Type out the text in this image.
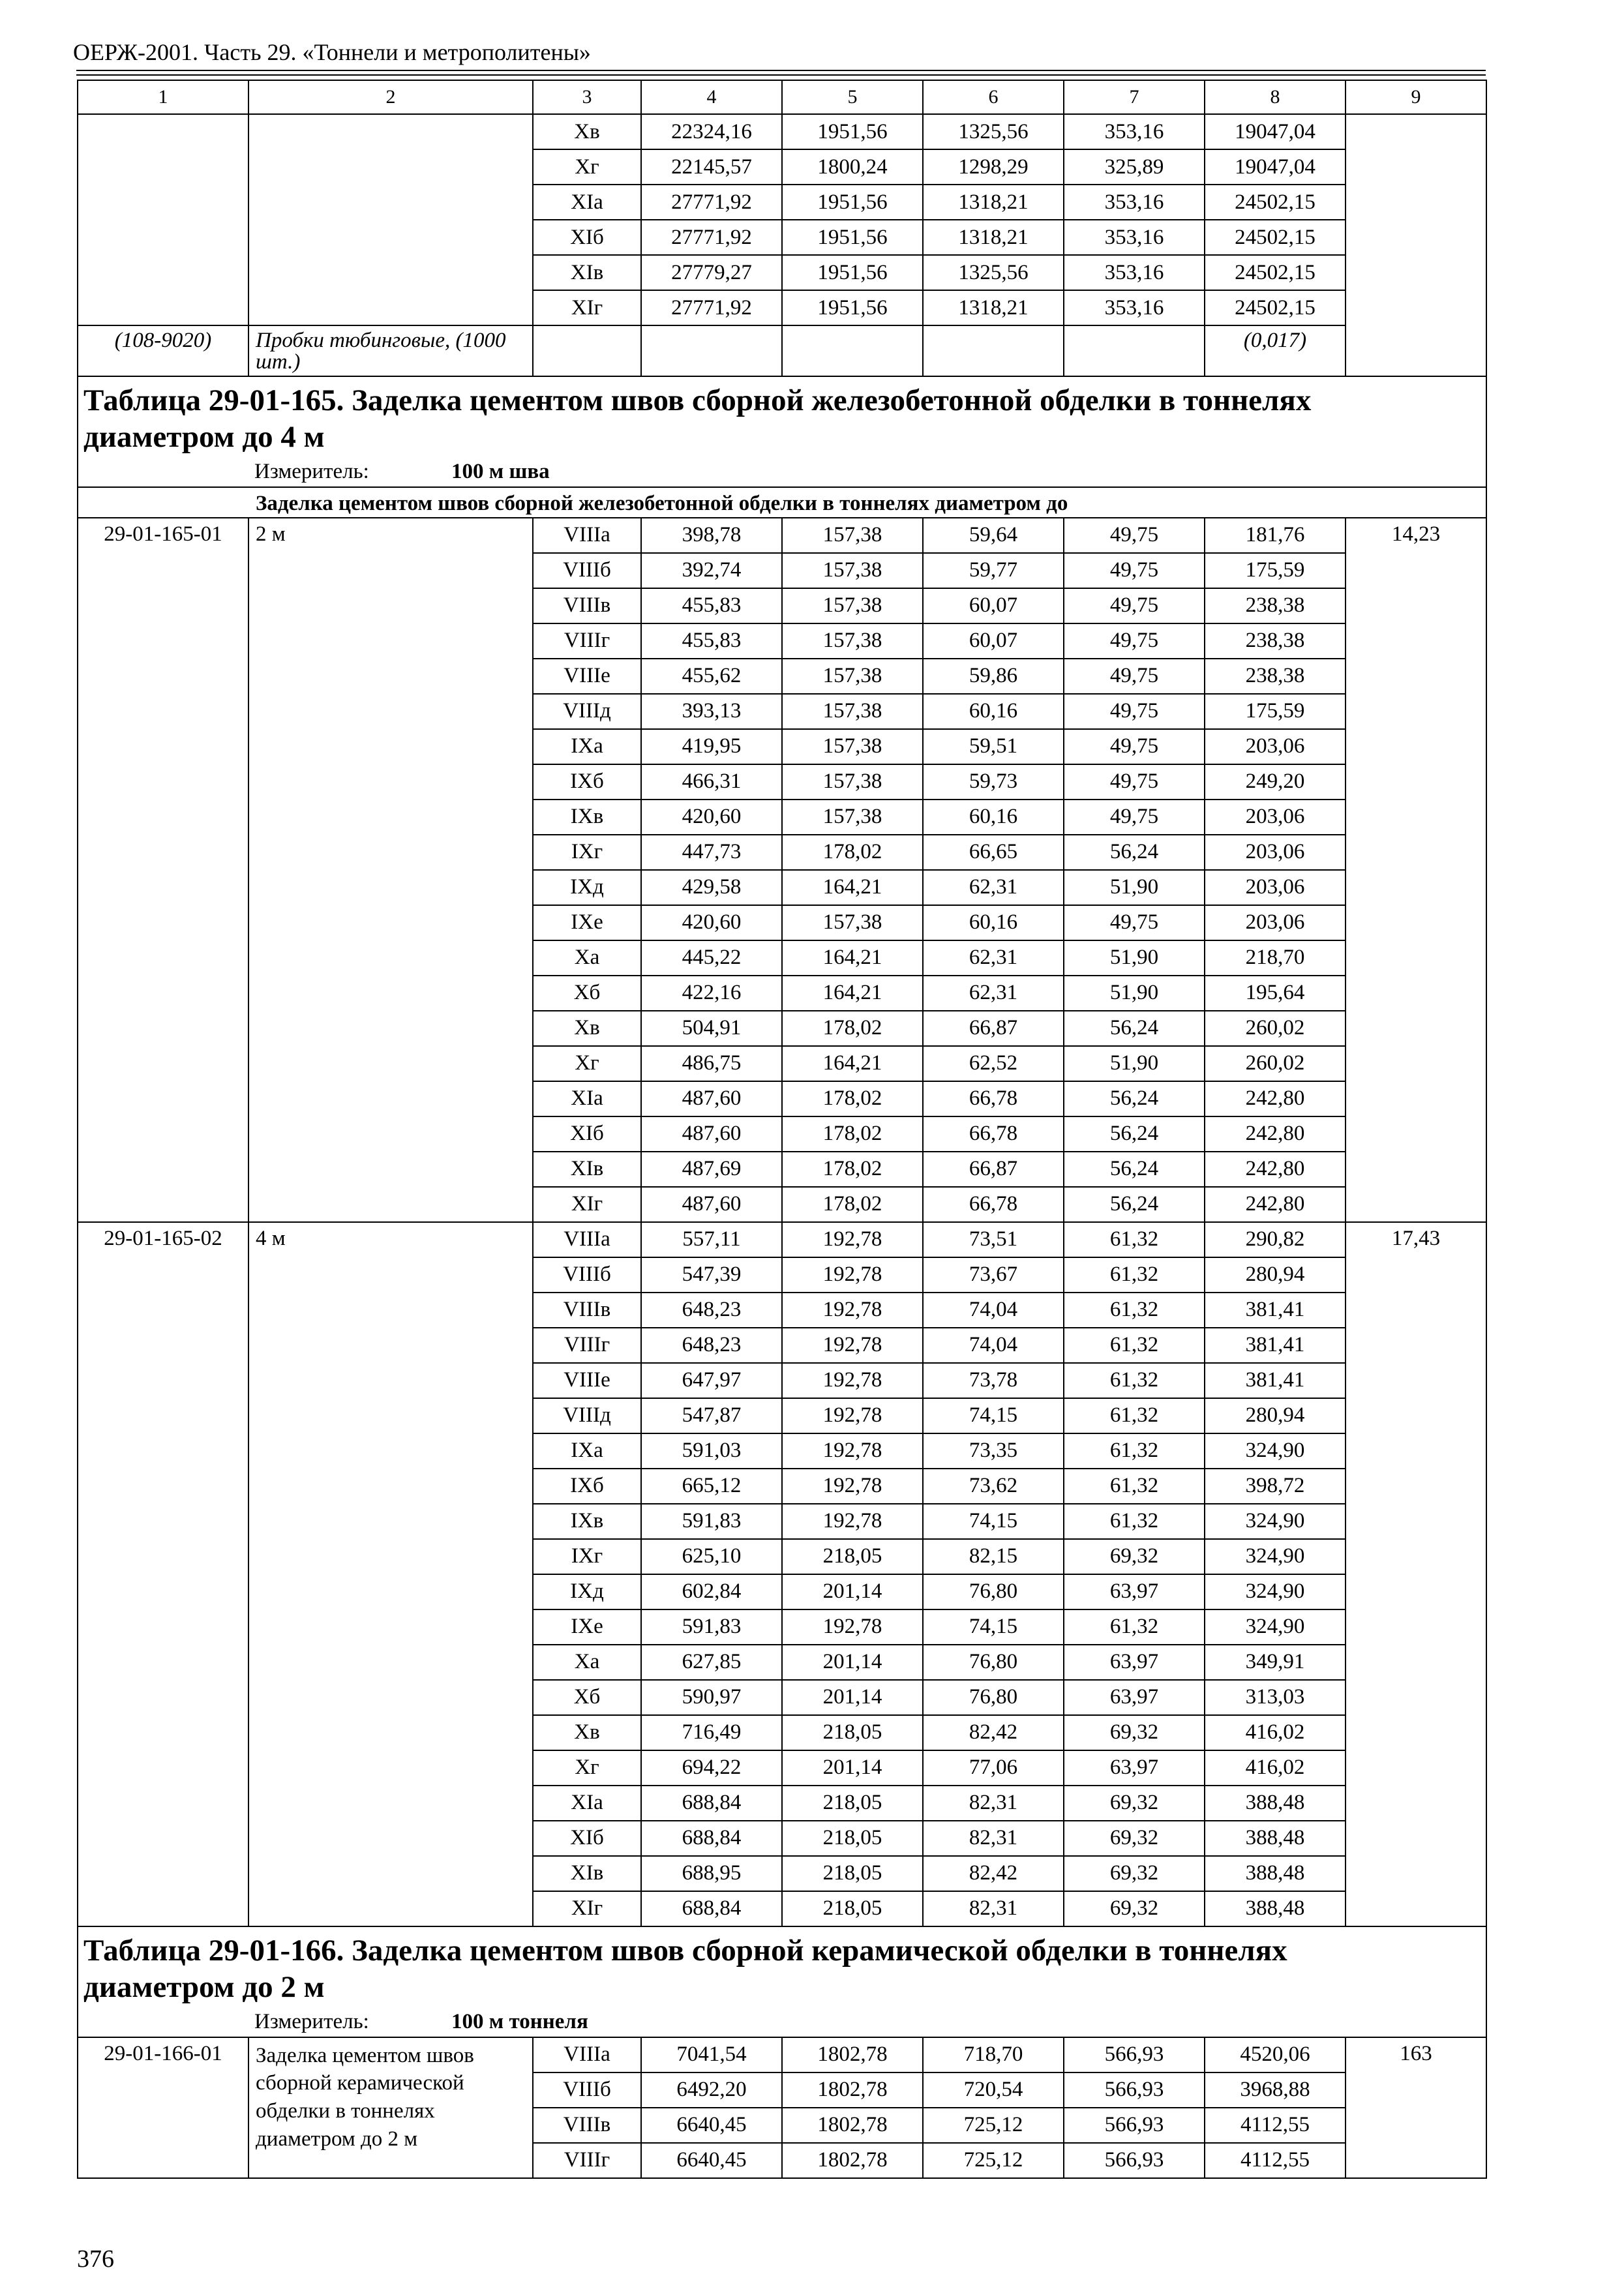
ОЕРЖ-2001. Часть 29. «Тоннели и метрополитены»
1	2	3	4	5	6	7	8	9
		Xв	22324,16	1951,56	1325,56	353,16	19047,04	
		Xг	22145,57	1800,24	1298,29	325,89	19047,04	
		XIа	27771,92	1951,56	1318,21	353,16	24502,15	
		XIб	27771,92	1951,56	1318,21	353,16	24502,15	
		XIв	27779,27	1951,56	1325,56	353,16	24502,15	
		XIг	27771,92	1951,56	1318,21	353,16	24502,15	
(108-9020)	Пробки тюбинговые, (1000 шт.)						(0,017)	
Таблица 29-01-165. Заделка цементом швов сборной железобетонной обделки в тоннелях
диаметром до 4 м
Измеритель: 100 м шва								

Заделка цементом швов сборной железобетонной обделки в тоннелях диаметром до								
29-01-165-01	2 м	VIIIа	398,78	157,38	59,64	49,75	181,76	14,23
		VIIIб	392,74	157,38	59,77	49,75	175,59	
		VIIIв	455,83	157,38	60,07	49,75	238,38	
		VIIIг	455,83	157,38	60,07	49,75	238,38	
		VIIIе	455,62	157,38	59,86	49,75	238,38	
		VIIIд	393,13	157,38	60,16	49,75	175,59	
		IXа	419,95	157,38	59,51	49,75	203,06	
		IXб	466,31	157,38	59,73	49,75	249,20	
		IXв	420,60	157,38	60,16	49,75	203,06	
		IXг	447,73	178,02	66,65	56,24	203,06	
		IXд	429,58	164,21	62,31	51,90	203,06	
		IXе	420,60	157,38	60,16	49,75	203,06	
		Xа	445,22	164,21	62,31	51,90	218,70	
		Xб	422,16	164,21	62,31	51,90	195,64	
		Xв	504,91	178,02	66,87	56,24	260,02	
		Xг	486,75	164,21	62,52	51,90	260,02	
		XIа	487,60	178,02	66,78	56,24	242,80	
		XIб	487,60	178,02	66,78	56,24	242,80	
		XIв	487,69	178,02	66,87	56,24	242,80	
		XIг	487,60	178,02	66,78	56,24	242,80	
29-01-165-02	4 м	VIIIа	557,11	192,78	73,51	61,32	290,82	17,43
		VIIIб	547,39	192,78	73,67	61,32	280,94	
		VIIIв	648,23	192,78	74,04	61,32	381,41	
		VIIIг	648,23	192,78	74,04	61,32	381,41	
		VIIIе	647,97	192,78	73,78	61,32	381,41	
		VIIIд	547,87	192,78	74,15	61,32	280,94	
		IXа	591,03	192,78	73,35	61,32	324,90	
		IXб	665,12	192,78	73,62	61,32	398,72	
		IXв	591,83	192,78	74,15	61,32	324,90	
		IXг	625,10	218,05	82,15	69,32	324,90	
		IXд	602,84	201,14	76,80	63,97	324,90	
		IXе	591,83	192,78	74,15	61,32	324,90	
		Xа	627,85	201,14	76,80	63,97	349,91	
		Xб	590,97	201,14	76,80	63,97	313,03	
		Xв	716,49	218,05	82,42	69,32	416,02	
		Xг	694,22	201,14	77,06	63,97	416,02	
		XIа	688,84	218,05	82,31	69,32	388,48	
		XIб	688,84	218,05	82,31	69,32	388,48	
		XIв	688,95	218,05	82,42	69,32	388,48	
		XIг	688,84	218,05	82,31	69,32	388,48	
Таблица 29-01-166. Заделка цементом швов сборной керамической обделки в тоннелях
диаметром до 2 м
Измеритель: 100 м тоннеля								

29-01-166-01	Заделка цементом швов сборной керамической обделки в тоннелях диаметром до 2 м	VIIIа	7041,54	1802,78	718,70	566,93	4520,06	163
		VIIIб	6492,20	1802,78	720,54	566,93	3968,88	
		VIIIв	6640,45	1802,78	725,12	566,93	4112,55	
		VIIIг	6640,45	1802,78	725,12	566,93	4112,55	
376
